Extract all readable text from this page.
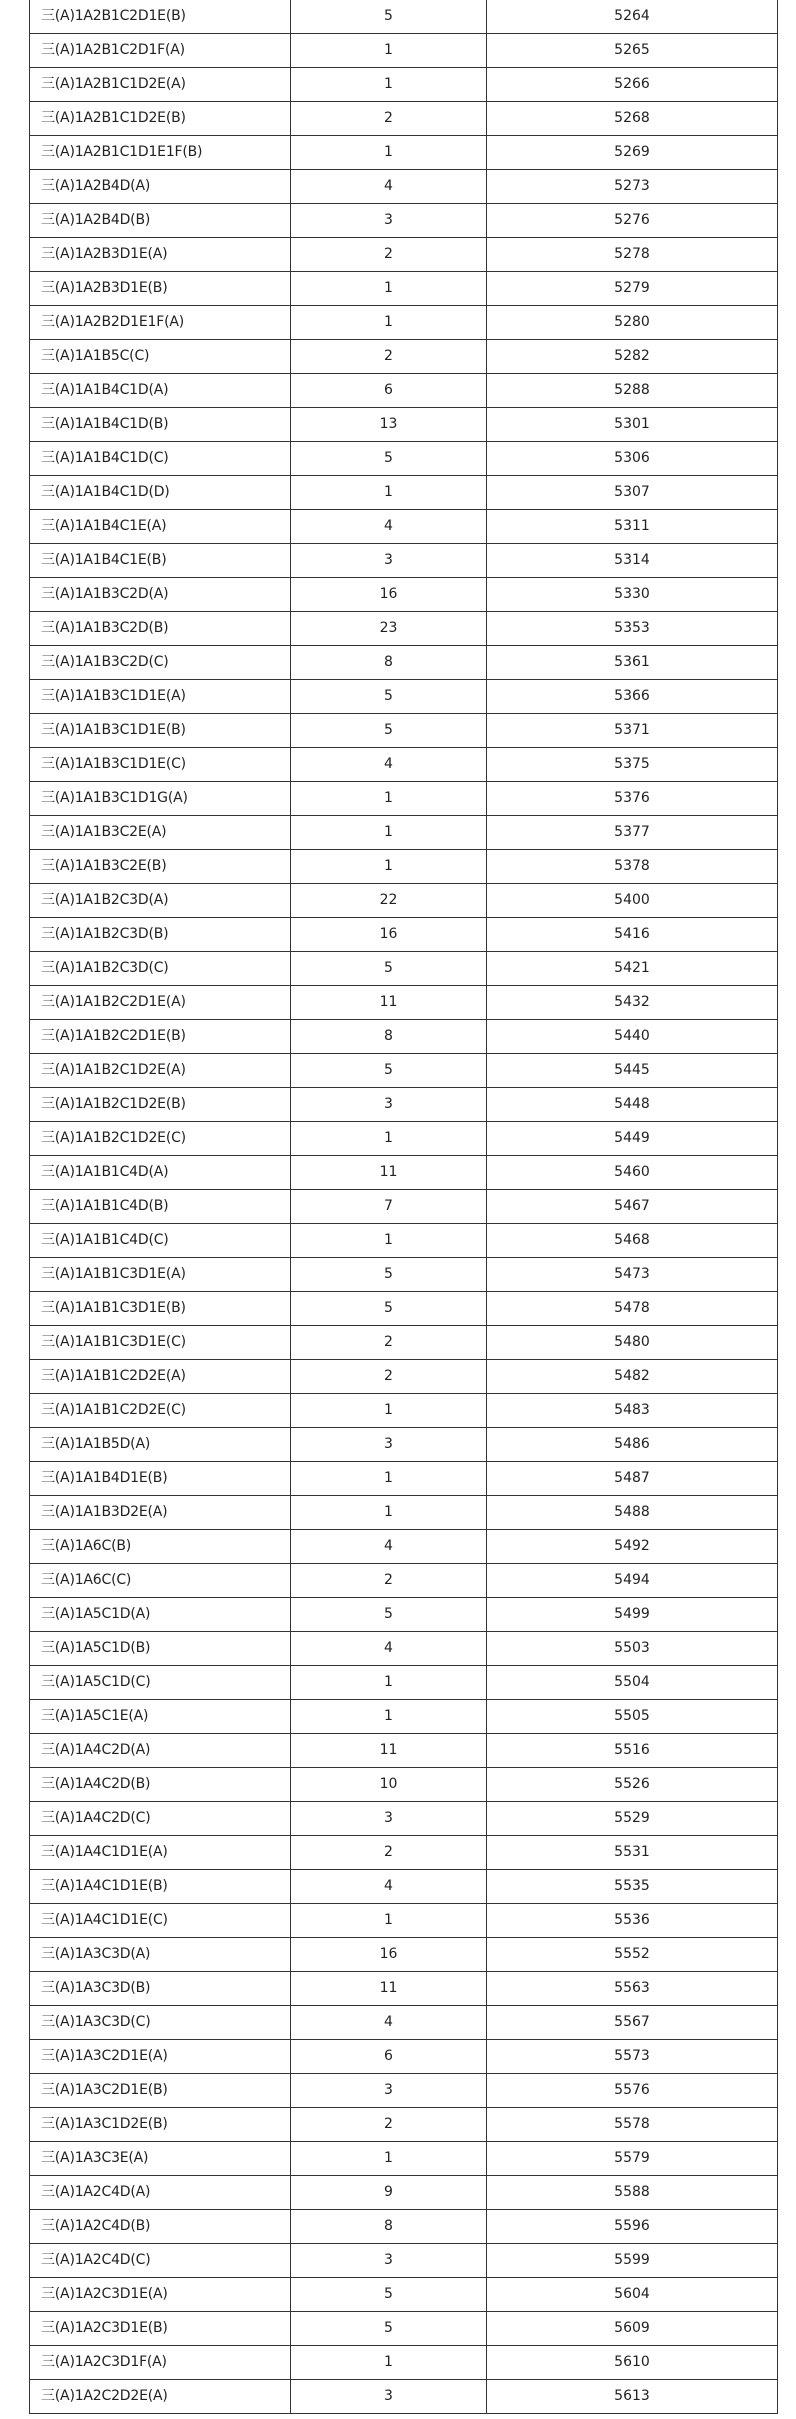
三(A)1A2B1C2D1E(B)	5	5264
三(A)1A2B1C2D1F(A)	1	5265
三(A)1A2B1C1D2E(A)	1	5266
三(A)1A2B1C1D2E(B)	2	5268
三(A)1A2B1C1D1E1F(B)	1	5269
三(A)1A2B4D(A)	4	5273
三(A)1A2B4D(B)	3	5276
三(A)1A2B3D1E(A)	2	5278
三(A)1A2B3D1E(B)	1	5279
三(A)1A2B2D1E1F(A)	1	5280
三(A)1A1B5C(C)	2	5282
三(A)1A1B4C1D(A)	6	5288
三(A)1A1B4C1D(B)	13	5301
三(A)1A1B4C1D(C)	5	5306
三(A)1A1B4C1D(D)	1	5307
三(A)1A1B4C1E(A)	4	5311
三(A)1A1B4C1E(B)	3	5314
三(A)1A1B3C2D(A)	16	5330
三(A)1A1B3C2D(B)	23	5353
三(A)1A1B3C2D(C)	8	5361
三(A)1A1B3C1D1E(A)	5	5366
三(A)1A1B3C1D1E(B)	5	5371
三(A)1A1B3C1D1E(C)	4	5375
三(A)1A1B3C1D1G(A)	1	5376
三(A)1A1B3C2E(A)	1	5377
三(A)1A1B3C2E(B)	1	5378
三(A)1A1B2C3D(A)	22	5400
三(A)1A1B2C3D(B)	16	5416
三(A)1A1B2C3D(C)	5	5421
三(A)1A1B2C2D1E(A)	11	5432
三(A)1A1B2C2D1E(B)	8	5440
三(A)1A1B2C1D2E(A)	5	5445
三(A)1A1B2C1D2E(B)	3	5448
三(A)1A1B2C1D2E(C)	1	5449
三(A)1A1B1C4D(A)	11	5460
三(A)1A1B1C4D(B)	7	5467
三(A)1A1B1C4D(C)	1	5468
三(A)1A1B1C3D1E(A)	5	5473
三(A)1A1B1C3D1E(B)	5	5478
三(A)1A1B1C3D1E(C)	2	5480
三(A)1A1B1C2D2E(A)	2	5482
三(A)1A1B1C2D2E(C)	1	5483
三(A)1A1B5D(A)	3	5486
三(A)1A1B4D1E(B)	1	5487
三(A)1A1B3D2E(A)	1	5488
三(A)1A6C(B)	4	5492
三(A)1A6C(C)	2	5494
三(A)1A5C1D(A)	5	5499
三(A)1A5C1D(B)	4	5503
三(A)1A5C1D(C)	1	5504
三(A)1A5C1E(A)	1	5505
三(A)1A4C2D(A)	11	5516
三(A)1A4C2D(B)	10	5526
三(A)1A4C2D(C)	3	5529
三(A)1A4C1D1E(A)	2	5531
三(A)1A4C1D1E(B)	4	5535
三(A)1A4C1D1E(C)	1	5536
三(A)1A3C3D(A)	16	5552
三(A)1A3C3D(B)	11	5563
三(A)1A3C3D(C)	4	5567
三(A)1A3C2D1E(A)	6	5573
三(A)1A3C2D1E(B)	3	5576
三(A)1A3C1D2E(B)	2	5578
三(A)1A3C3E(A)	1	5579
三(A)1A2C4D(A)	9	5588
三(A)1A2C4D(B)	8	5596
三(A)1A2C4D(C)	3	5599
三(A)1A2C3D1E(A)	5	5604
三(A)1A2C3D1E(B)	5	5609
三(A)1A2C3D1F(A)	1	5610
三(A)1A2C2D2E(A)	3	5613
